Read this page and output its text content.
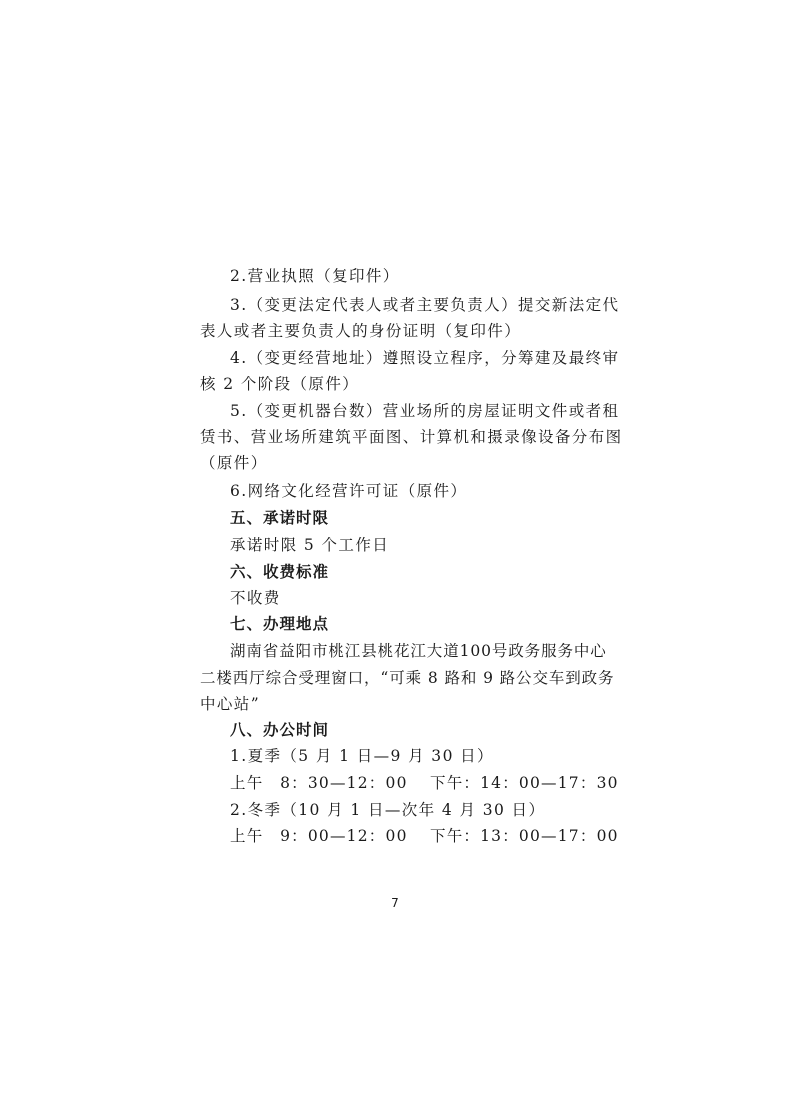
2.营业执照（复印件）
3.（变更法定代表人或者主要负责人）提交新法定代
表人或者主要负责人的身份证明（复印件）
4.（变更经营地址）遵照设立程序，分筹建及最终审
核 2 个阶段（原件）
5.（变更机器台数）营业场所的房屋证明文件或者租
赁书、营业场所建筑平面图、计算机和摄录像设备分布图
（原件）
6.网络文化经营许可证（原件）
五、承诺时限
承诺时限 5 个工作日
六、收费标准
不收费
七、办理地点
湖南省益阳市桃江县桃花江大道100号政务服务中心
二楼西厅综合受理窗口，“可乘 8 路和 9 路公交车到政务
中心站”
八、办公时间
1.夏季（5 月 1 日—9 月 30 日）
上午　8：30—12：00 下午：14：00—17：30
2.冬季（10 月 1 日—次年 4 月 30 日）
上午　9：00—12：00 下午：13：00—17：00
7
